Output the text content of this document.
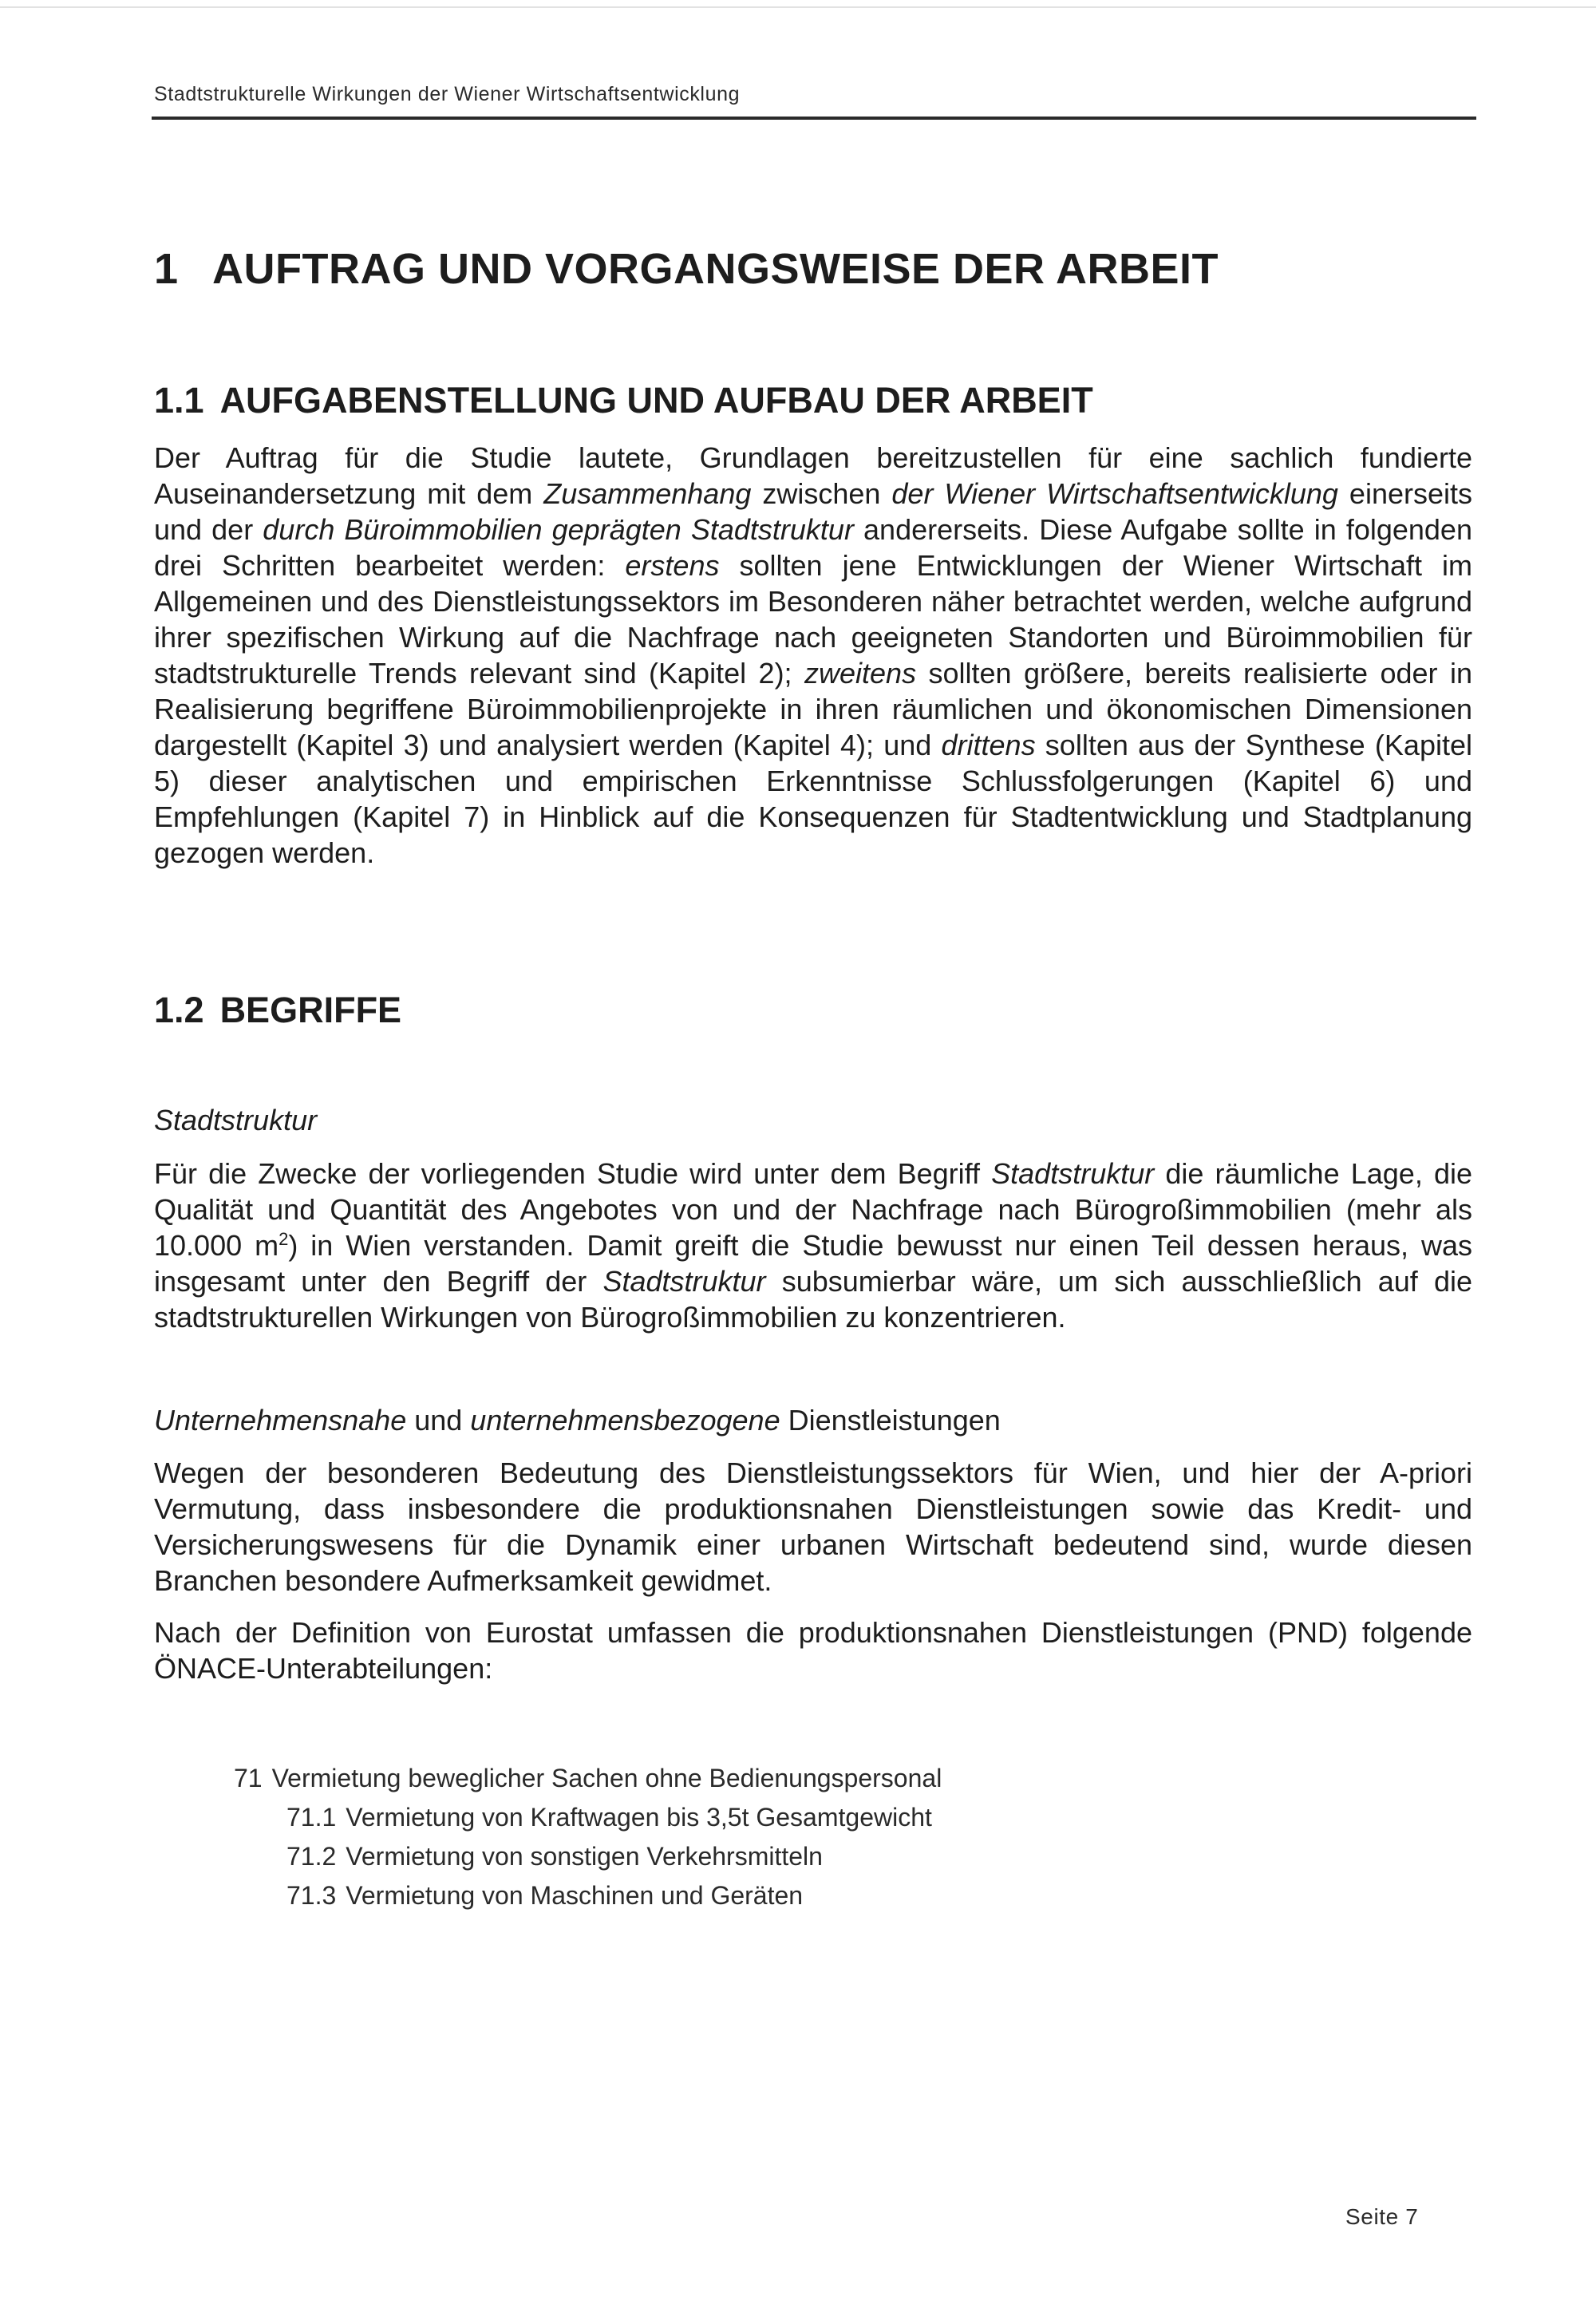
Stadtstrukturelle Wirkungen der Wiener Wirtschaftsentwicklung
1 AUFTRAG UND VORGANGSWEISE DER ARBEIT
1.1 AUFGABENSTELLUNG UND AUFBAU DER ARBEIT

Der Auftrag für die Studie lautete, Grundlagen bereitzustellen für eine sachlich fundierte Auseinandersetzung mit dem Zusammenhang zwischen der Wiener Wirtschaftsentwicklung einerseits und der durch Büroimmobilien geprägten Stadtstruktur andererseits. Diese Aufgabe sollte in folgenden drei Schritten bearbeitet werden: erstens sollten jene Entwicklungen der Wiener Wirtschaft im Allgemeinen und des Dienstleistungssektors im Besonderen näher betrachtet werden, welche aufgrund ihrer spezifischen Wirkung auf die Nachfrage nach geeigneten Standorten und Büroimmobilien für stadtstrukturelle Trends relevant sind (Kapitel 2); zweitens sollten größere, bereits realisierte oder in Realisierung begriffene Büroimmobilienprojekte in ihren räumlichen und ökonomischen Dimensionen dargestellt (Kapitel 3) und analysiert werden (Kapitel 4); und drittens sollten aus der Synthese (Kapitel 5) dieser analytischen und empirischen Erkenntnisse Schlussfolgerungen (Kapitel 6) und Empfehlungen (Kapitel 7) in Hinblick auf die Konsequenzen für Stadtentwicklung und Stadtplanung gezogen werden.

1.2 BEGRIFFE
Stadtstruktur

Für die Zwecke der vorliegenden Studie wird unter dem Begriff Stadtstruktur die räumliche Lage, die Qualität und Quantität des Angebotes von und der Nachfrage nach Bürogroßimmobilien (mehr als 10.000 $m^2$) in Wien verstanden. Damit greift die Studie bewusst nur einen Teil dessen heraus, was insgesamt unter den Begriff der Stadtstruktur subsumierbar wäre, um sich ausschließlich auf die stadtstrukturellen Wirkungen von Bürogroßimmobilien zu konzentrieren.

Unternehmensnahe und unternehmensbezogene Dienstleistungen

Wegen der besonderen Bedeutung des Dienstleistungssektors für Wien, und hier der A-priori Vermutung, dass insbesondere die produktionsnahen Dienstleistungen sowie das Kredit- und Versicherungswesens für die Dynamik einer urbanen Wirtschaft bedeutend sind, wurde diesen Branchen besondere Aufmerksamkeit gewidmet.

Nach der Definition von Eurostat umfassen die produktionsnahen Dienstleistungen (PND) folgende ÖNACE-Unterabteilungen:

71 Vermietung beweglicher Sachen ohne Bedienungspersonal
71.1 Vermietung von Kraftwagen bis 3,5t Gesamtgewicht
71.2 Vermietung von sonstigen Verkehrsmitteln
71.3 Vermietung von Maschinen und Geräten
Seite 7
